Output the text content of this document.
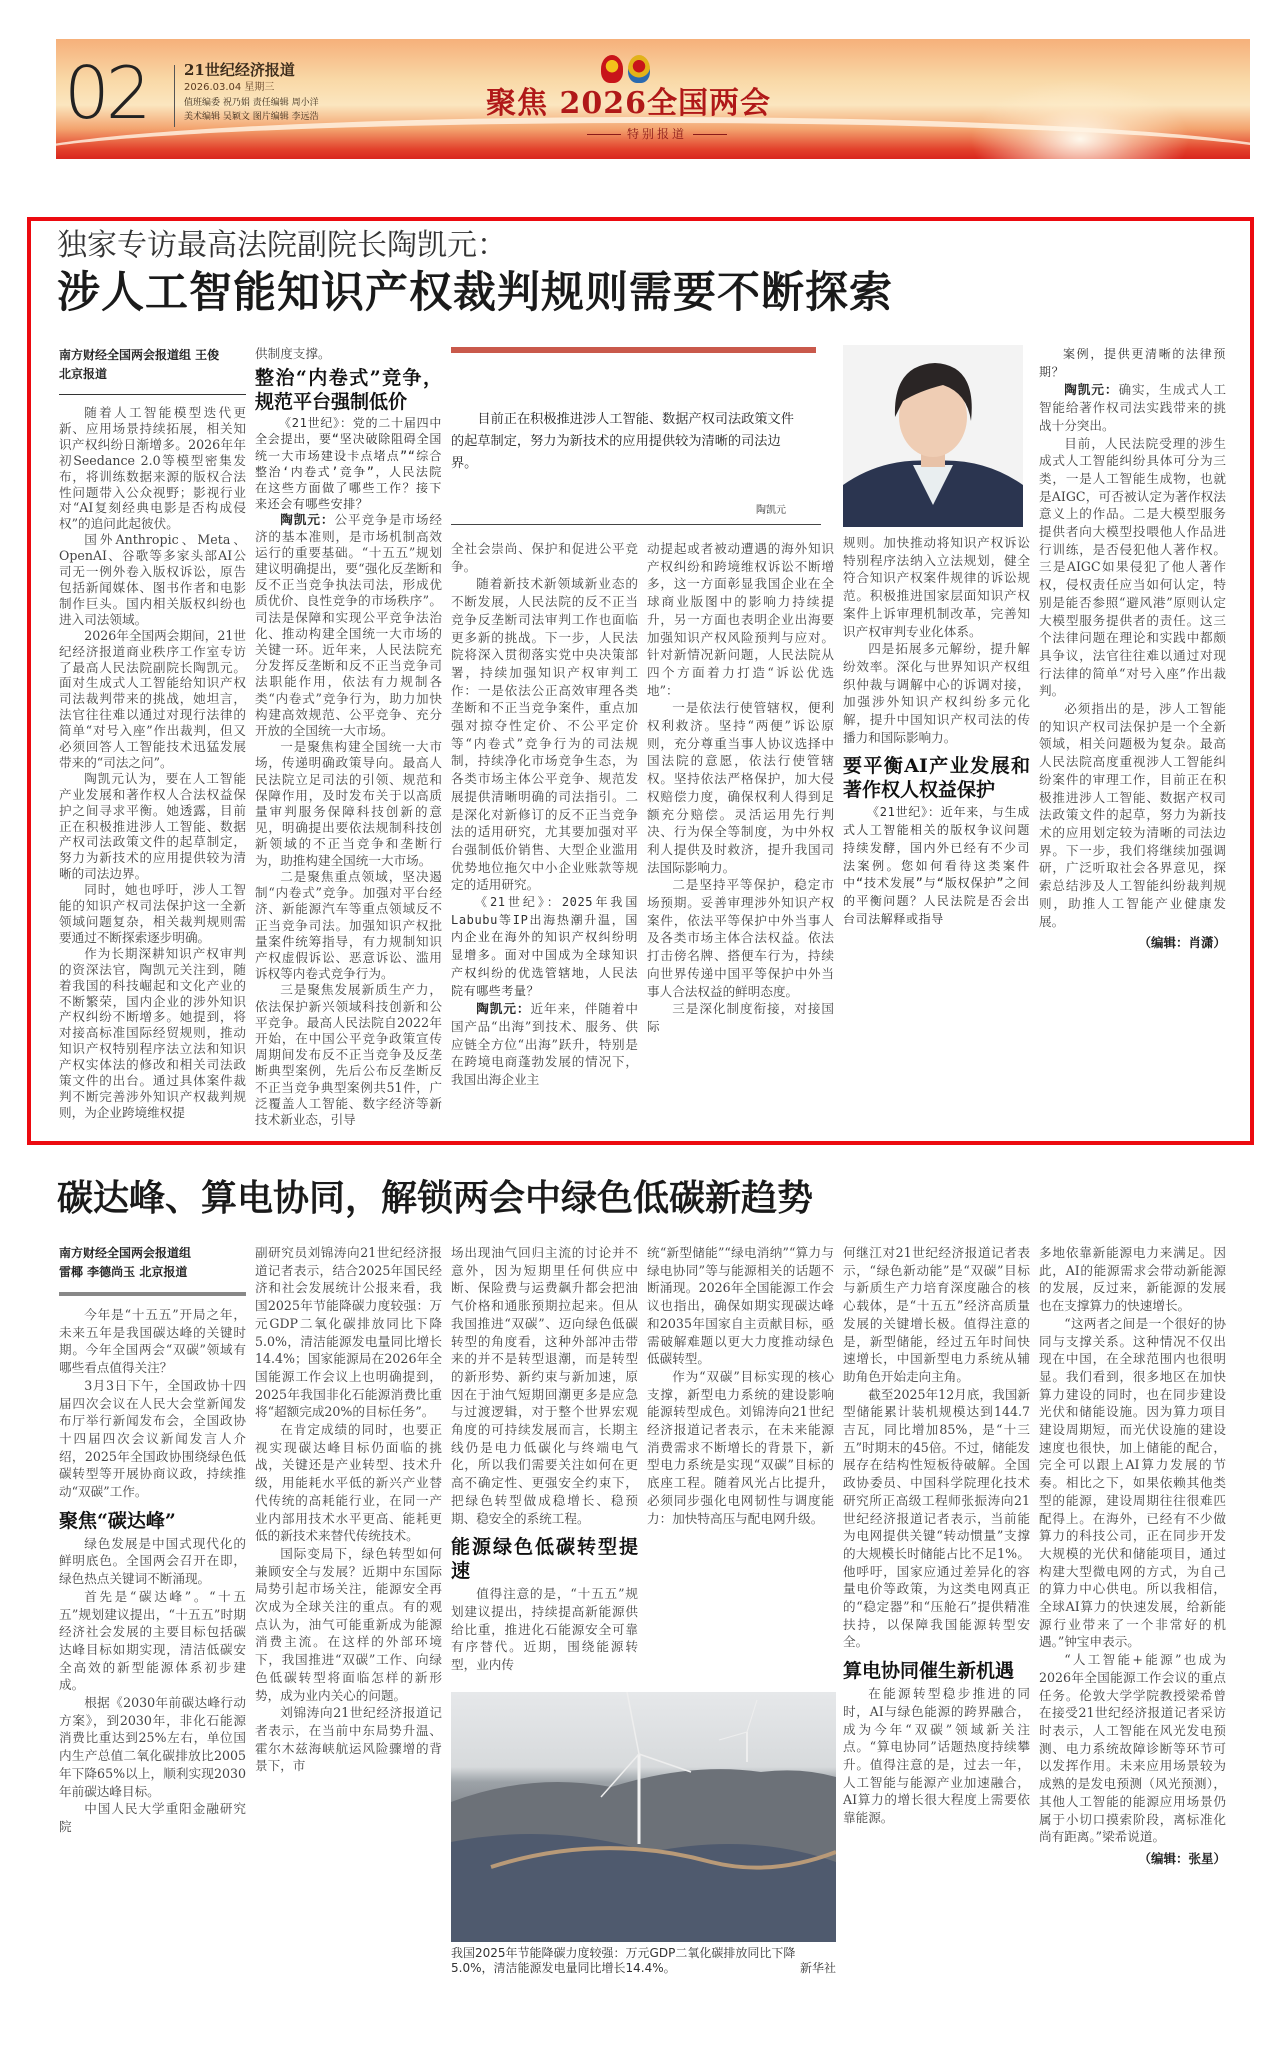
02 21世纪经济报道
2026.03.04 星期三
值班编委 祝乃娟 责任编辑 周小洋
美术编辑 吴颖文 图片编辑 李远浩	聚焦 2026全国两会
特别报道
独家专访最高法院副院长陶凯元：
涉人工智能知识产权裁判规则需要不断探索
目前正在积极推进涉人工智能、数据产权司法政策文件的起草制定，努力为新技术的应用提供较为清晰的司法边界。
陶凯元
南方财经全国两会报道组 王俊
北京报道

随着人工智能模型迭代更新、应用场景持续拓展，相关知识产权纠纷日渐增多。2026年年初Seedance 2.0等模型密集发布，将训练数据来源的版权合法性问题带入公众视野；影视行业对“AI复刻经典电影是否构成侵权”的追问此起彼伏。

国外Anthropic、Meta、OpenAI、谷歌等多家头部AI公司无一例外卷入版权诉讼，原告包括新闻媒体、图书作者和电影制作巨头。国内相关版权纠纷也进入司法领域。

2026年全国两会期间，21世纪经济报道商业秩序工作室专访了最高人民法院副院长陶凯元。面对生成式人工智能给知识产权司法裁判带来的挑战，她坦言，法官往往难以通过对现行法律的简单“对号入座”作出裁判，但又必须回答人工智能技术迅猛发展带来的“司法之问”。

陶凯元认为，要在人工智能产业发展和著作权人合法权益保护之间寻求平衡。她透露，目前正在积极推进涉人工智能、数据产权司法政策文件的起草制定，努力为新技术的应用提供较为清晰的司法边界。

同时，她也呼吁，涉人工智能的知识产权司法保护这一全新领域问题复杂，相关裁判规则需要通过不断探索逐步明确。

作为长期深耕知识产权审判的资深法官，陶凯元关注到，随着我国的科技崛起和文化产业的不断繁荣，国内企业的涉外知识产权纠纷不断增多。她提到，将对接高标准国际经贸规则，推动知识产权特别程序法立法和知识产权实体法的修改和相关司法政策文件的出台。通过具体案件裁判不断完善涉外知识产权裁判规则，为企业跨境维权提

供制度支撑。

整治“内卷式”竞争，规范平台强制低价

《21世纪》：党的二十届四中全会提出，要“坚决破除阻碍全国统一大市场建设卡点堵点”“综合整治‘内卷式’竞争”，人民法院在这些方面做了哪些工作？接下来还会有哪些安排？

陶凯元：公平竞争是市场经济的基本准则，是市场机制高效运行的重要基础。“十五五”规划建议明确提出，要“强化反垄断和反不正当竞争执法司法，形成优质优价、良性竞争的市场秩序”。司法是保障和实现公平竞争法治化、推动构建全国统一大市场的关键一环。近年来，人民法院充分发挥反垄断和反不正当竞争司法职能作用，依法有力规制各类“内卷式”竞争行为，助力加快构建高效规范、公平竞争、充分开放的全国统一大市场。

一是聚焦构建全国统一大市场，传递明确政策导向。最高人民法院立足司法的引领、规范和保障作用，及时发布关于以高质量审判服务保障科技创新的意见，明确提出要依法规制科技创新领域的不正当竞争和垄断行为，助推构建全国统一大市场。

二是聚焦重点领域，坚决遏制“内卷式”竞争。加强对平台经济、新能源汽车等重点领域反不正当竞争司法。加强知识产权批量案件统筹指导，有力规制知识产权虚假诉讼、恶意诉讼、滥用诉权等内卷式竞争行为。

三是聚焦发展新质生产力，依法保护新兴领域科技创新和公平竞争。最高人民法院自2022年开始，在中国公平竞争政策宣传周期间发布反不正当竞争及反垄断典型案例，先后公布反垄断反不正当竞争典型案例共51件，广泛覆盖人工智能、数字经济等新技术新业态，引导

全社会崇尚、保护和促进公平竞争。

随着新技术新领域新业态的不断发展，人民法院的反不正当竞争反垄断司法审判工作也面临更多新的挑战。下一步，人民法院将深入贯彻落实党中央决策部署，持续加强知识产权审判工作：一是依法公正高效审理各类垄断和不正当竞争案件，重点加强对掠夺性定价、不公平定价等“内卷式”竞争行为的司法规制，持续净化市场竞争生态，为各类市场主体公平竞争、规范发展提供清晰明确的司法指引。二是深化对新修订的反不正当竞争法的适用研究，尤其要加强对平台强制低价销售、大型企业滥用优势地位拖欠中小企业账款等规定的适用研究。

《21世纪》：2025年我国Labubu等IP出海热潮升温，国内企业在海外的知识产权纠纷明显增多。面对中国成为全球知识产权纠纷的优选管辖地，人民法院有哪些考量？

陶凯元：近年来，伴随着中国产品“出海”到技术、服务、供应链全方位“出海”跃升，特别是在跨境电商蓬勃发展的情况下，我国出海企业主

动提起或者被动遭遇的海外知识产权纠纷和跨境维权诉讼不断增多，这一方面彰显我国企业在全球商业版图中的影响力持续提升，另一方面也表明企业出海要加强知识产权风险预判与应对。针对新情况新问题，人民法院从四个方面着力打造“诉讼优选地”：

一是依法行使管辖权，便利权利救济。坚持“两便”诉讼原则，充分尊重当事人协议选择中国法院的意愿，依法行使管辖权。坚持依法严格保护，加大侵权赔偿力度，确保权利人得到足额充分赔偿。灵活运用先行判决、行为保全等制度，为中外权利人提供及时救济，提升我国司法国际影响力。

二是坚持平等保护，稳定市场预期。妥善审理涉外知识产权案件，依法平等保护中外当事人及各类市场主体合法权益。依法打击傍名牌、搭便车行为，持续向世界传递中国平等保护中外当事人合法权益的鲜明态度。

三是深化制度衔接，对接国际

规则。加快推动将知识产权诉讼特别程序法纳入立法规划，健全符合知识产权案件规律的诉讼规范。积极推进国家层面知识产权案件上诉审理机制改革，完善知识产权审判专业化体系。

四是拓展多元解纷，提升解纷效率。深化与世界知识产权组织仲裁与调解中心的诉调对接，加强涉外知识产权纠纷多元化解，提升中国知识产权司法的传播力和国际影响力。

要平衡AI产业发展和著作权人权益保护

《21世纪》：近年来，与生成式人工智能相关的版权争议问题持续发酵，国内外已经有不少司法案例。您如何看待这类案件中“技术发展”与“版权保护”之间的平衡问题？人民法院是否会出台司法解释或指导

案例，提供更清晰的法律预期？

陶凯元：确实，生成式人工智能给著作权司法实践带来的挑战十分突出。

目前，人民法院受理的涉生成式人工智能纠纷具体可分为三类，一是人工智能生成物，也就是AIGC，可否被认定为著作权法意义上的作品。二是大模型服务提供者向大模型投喂他人作品进行训练，是否侵犯他人著作权。三是AIGC如果侵犯了他人著作权，侵权责任应当如何认定，特别是能否参照“避风港”原则认定大模型服务提供者的责任。这三个法律问题在理论和实践中都颇具争议，法官往往难以通过对现行法律的简单“对号入座”作出裁判。

必须指出的是，涉人工智能的知识产权司法保护是一个全新领域，相关问题极为复杂。最高人民法院高度重视涉人工智能纠纷案件的审理工作，目前正在积极推进涉人工智能、数据产权司法政策文件的起草，努力为新技术的应用划定较为清晰的司法边界。下一步，我们将继续加强调研，广泛听取社会各界意见，探索总结涉及人工智能纠纷裁判规则，助推人工智能产业健康发展。

（编辑：肖潇）
碳达峰、算电协同，解锁两会中绿色低碳新趋势
南方财经全国两会报道组
雷椰 李德尚玉 北京报道

今年是“十五五”开局之年，未来五年是我国碳达峰的关键时期。今年全国两会“双碳”领域有哪些看点值得关注？

3月3日下午，全国政协十四届四次会议在人民大会堂新闻发布厅举行新闻发布会，全国政协十四届四次会议新闻发言人介绍，2025年全国政协围绕绿色低碳转型等开展协商议政，持续推动“双碳”工作。

聚焦“碳达峰”

绿色发展是中国式现代化的鲜明底色。全国两会召开在即，绿色热点关键词不断涌现。

首先是“碳达峰”。“十五五”规划建议提出，“十五五”时期经济社会发展的主要目标包括碳达峰目标如期实现，清洁低碳安全高效的新型能源体系初步建成。

根据《2030年前碳达峰行动方案》，到2030年，非化石能源消费比重达到25%左右，单位国内生产总值二氧化碳排放比2005年下降65%以上，顺利实现2030年前碳达峰目标。

中国人民大学重阳金融研究院

副研究员刘锦涛向21世纪经济报道记者表示，结合2025年国民经济和社会发展统计公报来看，我国2025年节能降碳力度较强：万元GDP二氧化碳排放同比下降5.0%，清洁能源发电量同比增长14.4%；国家能源局在2026年全国能源工作会议上也明确提到，2025年我国非化石能源消费比重将“超额完成20%的目标任务”。

在肯定成绩的同时，也要正视实现碳达峰目标仍面临的挑战，关键还是产业转型、技术升级，用能耗水平低的新兴产业替代传统的高耗能行业，在同一产业内部用技术水平更高、能耗更低的新技术来替代传统技术。

国际变局下，绿色转型如何兼顾安全与发展？近期中东国际局势引起市场关注，能源安全再次成为全球关注的重点。有的观点认为，油气可能重新成为能源消费主流。在这样的外部环境下，我国推进“双碳”工作、向绿色低碳转型将面临怎样的新形势，成为业内关心的问题。

刘锦涛向21世纪经济报道记者表示，在当前中东局势升温、霍尔木兹海峡航运风险骤增的背景下，市

场出现油气回归主流的讨论并不意外，因为短期里任何供应中断、保险费与运费飙升都会把油气价格和通胀预期拉起来。但从我国推进“双碳”、迈向绿色低碳转型的角度看，这种外部冲击带来的并不是转型退潮，而是转型的新形势、新约束与新加速，原因在于油气短期回潮更多是应急与过渡逻辑，对于整个世界宏观角度的可持续发展而言，长期主线仍是电力低碳化与终端电气化，所以我们需要关注如何在更高不确定性、更强安全约束下，把绿色转型做成稳增长、稳预期、稳安全的系统工程。

能源绿色低碳转型提速

值得注意的是，“十五五”规划建议提出，持续提高新能源供给比重，推进化石能源安全可靠有序替代。近期，围绕能源转型，业内传

统“新型储能”“绿电消纳”“算力与绿电协同”等与能源相关的话题不断涌现。2026年全国能源工作会议也指出，确保如期实现碳达峰和2035年国家自主贡献目标，亟需破解难题以更大力度推动绿色低碳转型。

作为“双碳”目标实现的核心支撑，新型电力系统的建设影响能源转型成色。刘锦涛向21世纪经济报道记者表示，在未来能源消费需求不断增长的背景下，新型电力系统是实现“双碳”目标的底座工程。随着风光占比提升，必须同步强化电网韧性与调度能力：加快特高压与配电网升级。

何继江对21世纪经济报道记者表示，“绿色新动能”是“双碳”目标与新质生产力培育深度融合的核心载体，是“十五五”经济高质量发展的关键增长极。值得注意的是，新型储能，经过五年时间快速增长，中国新型电力系统从辅助角色开始走向主角。

截至2025年12月底，我国新型储能累计装机规模达到144.7吉瓦，同比增加85%，是“十三五”时期末的45倍。不过，储能发展存在结构性短板待破解。全国政协委员、中国科学院理化技术研究所正高级工程师张振涛向21世纪经济报道记者表示，当前能为电网提供关键“转动惯量”支撑的大规模长时储能占比不足1%。他呼吁，国家应通过差异化的容量电价等政策，为这类电网真正的“稳定器”和“压舱石”提供精准扶持，以保障我国能源转型安全。

算电协同催生新机遇

在能源转型稳步推进的同时，AI与绿色能源的跨界融合，成为今年“双碳”领域新关注点。“算电协同”话题热度持续攀升。值得注意的是，过去一年，人工智能与能源产业加速融合，AI算力的增长很大程度上需要依靠能源。

多地依靠新能源电力来满足。因此，AI的能源需求会带动新能源的发展，反过来，新能源的发展也在支撑算力的快速增长。

“这两者之间是一个很好的协同与支撑关系。这种情况不仅出现在中国，在全球范围内也很明显。我们看到，很多地区在加快算力建设的同时，也在同步建设光伏和储能设施。因为算力项目建设周期短，而光伏设施的建设速度也很快，加上储能的配合，完全可以跟上AI算力发展的节奏。相比之下，如果依赖其他类型的能源，建设周期往往很难匹配得上。在海外，已经有不少做算力的科技公司，正在同步开发大规模的光伏和储能项目，通过构建大型微电网的方式，为自己的算力中心供电。所以我相信，全球AI算力的快速发展，给新能源行业带来了一个非常好的机遇。”钟宝申表示。

“人工智能+能源”也成为2026年全国能源工作会议的重点任务。伦敦大学学院教授梁希曾在接受21世纪经济报道记者采访时表示，人工智能在风光发电预测、电力系统故障诊断等环节可以发挥作用。未来应用场景较为成熟的是发电预测（风光预测），其他人工智能的能源应用场景仍属于小切口摸索阶段，离标准化尚有距离。”梁希说道。

（编辑：张星）
我国2025年节能降碳力度较强：万元GDP二氧化碳排放同比下降5.0%，清洁能源发电量同比增长14.4%。	新华社
